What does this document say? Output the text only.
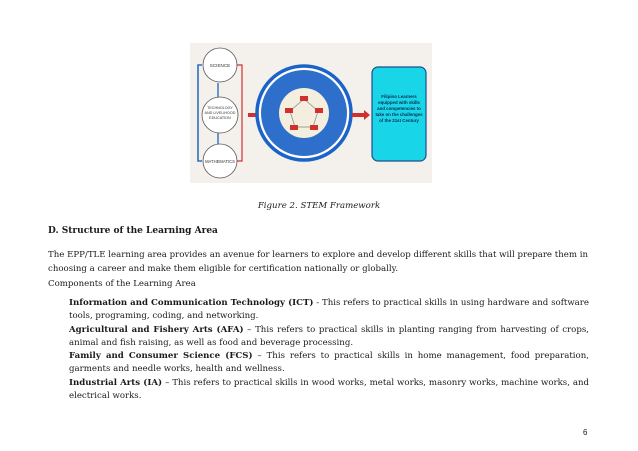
SCIENCE
TECHNOLOGY
AND LIVELIHOOD
EDUCATION
MATHEMATICS
Filipino Learners
equipped with skills
and competencies to
take on the challenges
of the 21st Century
Figure 2. STEM Framework
D. Structure of the Learning Area
The EPP/TLE learning area provides an avenue for learners to explore and develop different skills that will prepare them in choosing a career and make them eligible for certification nationally or globally.
Components of the Learning Area
Information and Communication Technology (ICT) - This refers to practical skills in using hardware and software tools, programing, coding, and networking.
Agricultural and Fishery Arts (AFA) – This refers to practical skills in planting ranging from harvesting of crops, animal and fish raising, as well as food and beverage processing.
Family and Consumer Science (FCS) – This refers to practical skills in home management, food preparation, garments and needle works, health and wellness.
Industrial Arts (IA) – This refers to practical skills in wood works, metal works, masonry works, machine works, and electrical works.
6
